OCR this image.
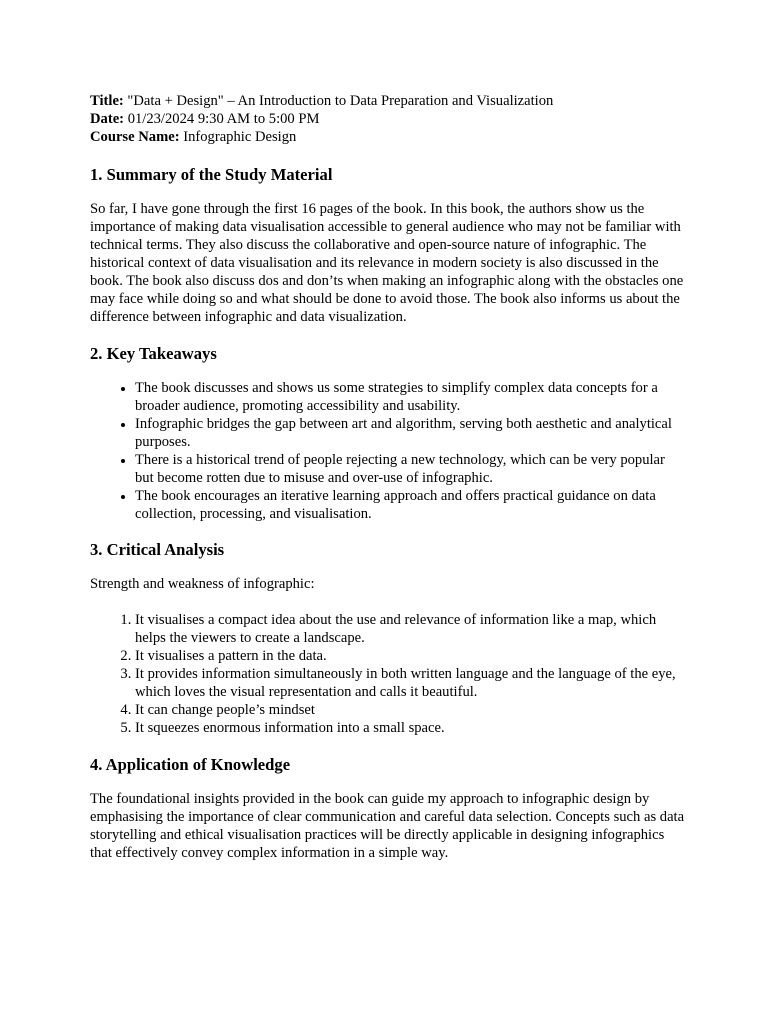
Title: "Data + Design" – An Introduction to Data Preparation and Visualization

Date: 01/23/2024 9:30 AM to 5:00 PM

Course Name: Infographic Design

1. Summary of the Study Material

So far, I have gone through the first 16 pages of the book. In this book, the authors show us the importance of making data visualisation accessible to general audience who may not be familiar with technical terms. They also discuss the collaborative and open-source nature of infographic. The historical context of data visualisation and its relevance in modern society is also discussed in the book. The book also discuss dos and don’ts when making an infographic along with the obstacles one may face while doing so and what should be done to avoid those. The book also informs us about the difference between infographic and data visualization.

2. Key Takeaways
• The book discusses and shows us some strategies to simplify complex data concepts for a broader audience, promoting accessibility and usability.
• Infographic bridges the gap between art and algorithm, serving both aesthetic and analytical purposes.
• There is a historical trend of people rejecting a new technology, which can be very popular but become rotten due to misuse and over-use of infographic.
• The book encourages an iterative learning approach and offers practical guidance on data collection, processing, and visualisation.
3. Critical Analysis

Strength and weakness of infographic:

1. It visualises a compact idea about the use and relevance of information like a map, which helps the viewers to create a landscape.
2. It visualises a pattern in the data.
3. It provides information simultaneously in both written language and the language of the eye, which loves the visual representation and calls it beautiful.
4. It can change people’s mindset
5. It squeezes enormous information into a small space.
4. Application of Knowledge

The foundational insights provided in the book can guide my approach to infographic design by emphasising the importance of clear communication and careful data selection. Concepts such as data storytelling and ethical visualisation practices will be directly applicable in designing infographics that effectively convey complex information in a simple way.
